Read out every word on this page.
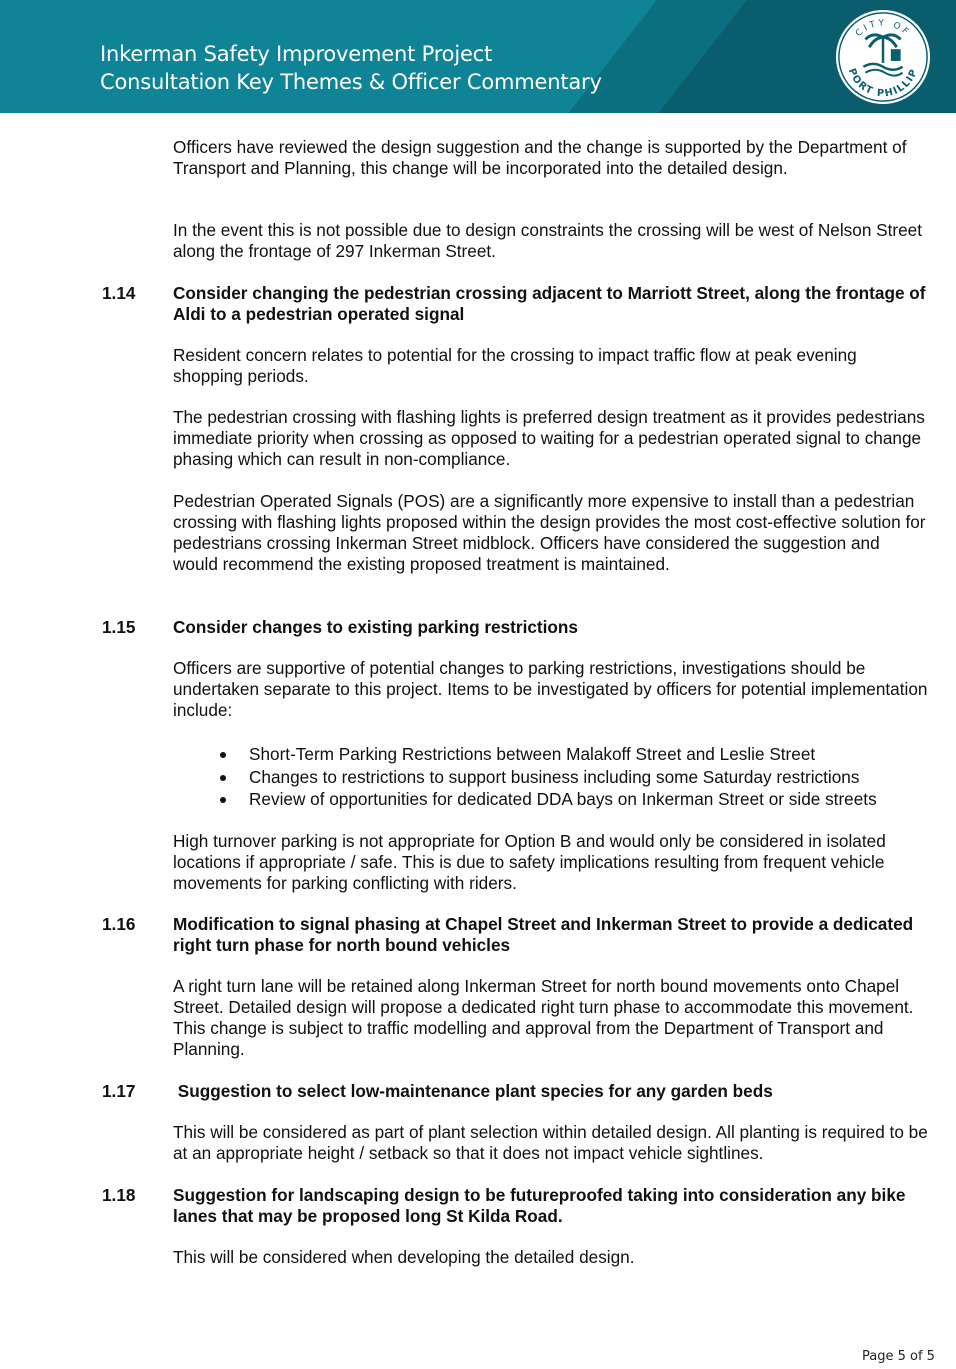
Inkerman Safety Improvement Project
Consultation Key Themes & Officer Commentary
CITY OF
PORT PHILLIP
Officers have reviewed the design suggestion and the change is supported by the Department of Transport and Planning, this change will be incorporated into the detailed design.
In the event this is not possible due to design constraints the crossing will be west of Nelson Street along the frontage of 297 Inkerman Street.
1.14 Consider changing the pedestrian crossing adjacent to Marriott Street, along the frontage of Aldi to a pedestrian operated signal
Resident concern relates to potential for the crossing to impact traffic flow at peak evening shopping periods.
The pedestrian crossing with flashing lights is preferred design treatment as it provides pedestrians immediate priority when crossing as opposed to waiting for a pedestrian operated signal to change phasing which can result in non-compliance.
Pedestrian Operated Signals (POS) are a significantly more expensive to install than a pedestrian crossing with flashing lights proposed within the design provides the most cost-effective solution for pedestrians crossing Inkerman Street midblock. Officers have considered the suggestion and would recommend the existing proposed treatment is maintained.
1.15 Consider changes to existing parking restrictions
Officers are supportive of potential changes to parking restrictions, investigations should be undertaken separate to this project. Items to be investigated by officers for potential implementation include:
Short-Term Parking Restrictions between Malakoff Street and Leslie Street
Changes to restrictions to support business including some Saturday restrictions
Review of opportunities for dedicated DDA bays on Inkerman Street or side streets
High turnover parking is not appropriate for Option B and would only be considered in isolated locations if appropriate / safe. This is due to safety implications resulting from frequent vehicle movements for parking conflicting with riders.
1.16 Modification to signal phasing at Chapel Street and Inkerman Street to provide a dedicated right turn phase for north bound vehicles
A right turn lane will be retained along Inkerman Street for north bound movements onto Chapel Street. Detailed design will propose a dedicated right turn phase to accommodate this movement. This change is subject to traffic modelling and approval from the Department of Transport and Planning.
1.17 Suggestion to select low-maintenance plant species for any garden beds
This will be considered as part of plant selection within detailed design. All planting is required to be at an appropriate height / setback so that it does not impact vehicle sightlines.
1.18 Suggestion for landscaping design to be futureproofed taking into consideration any bike lanes that may be proposed long St Kilda Road.
This will be considered when developing the detailed design.
Page 5 of 5
